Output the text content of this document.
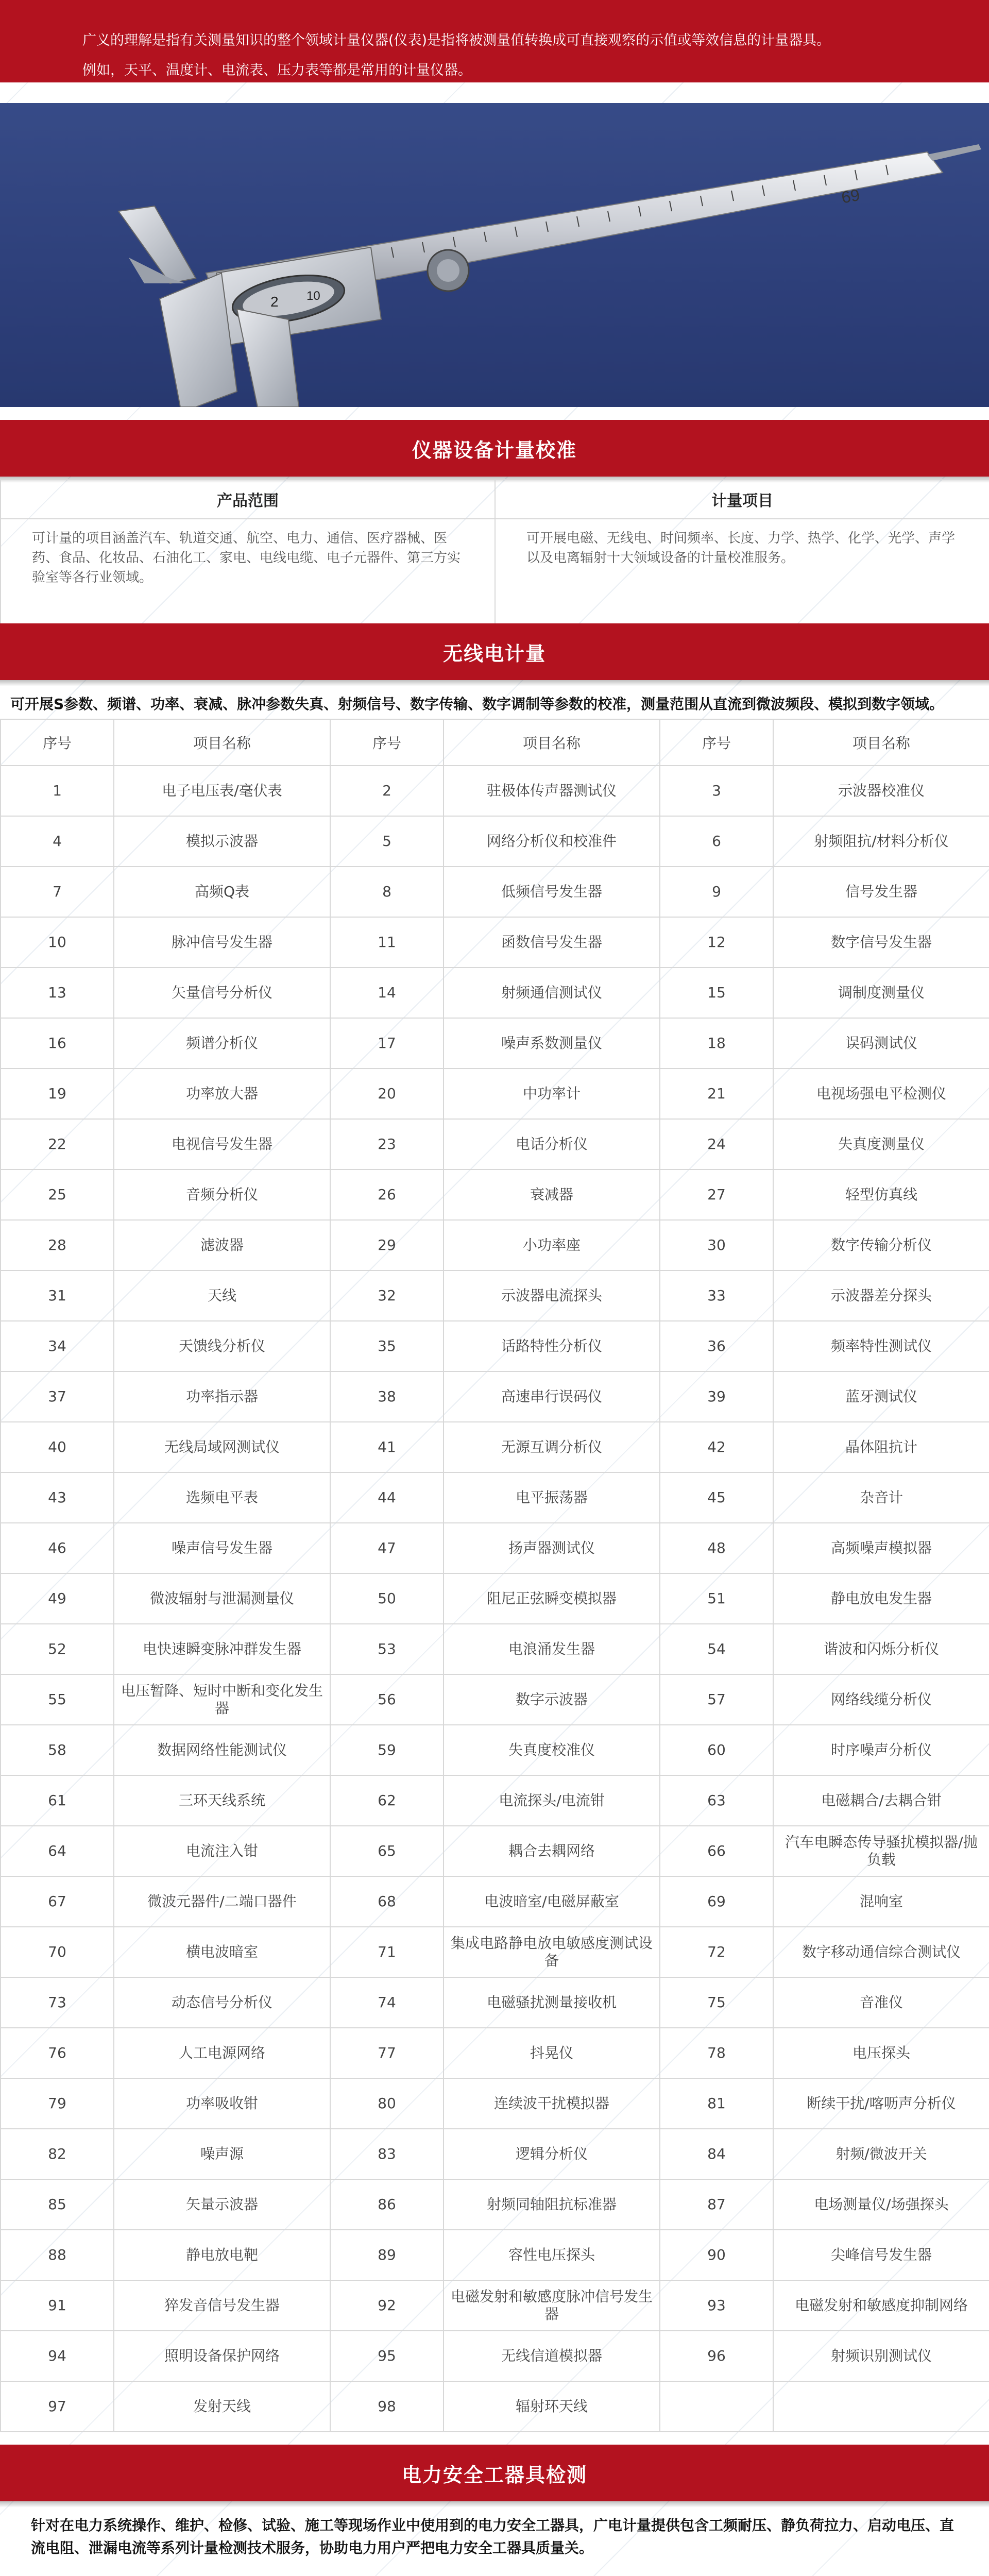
广义的理解是指有关测量知识的整个领域计量仪器(仪表)是指将被测量值转换成可直接观察的示值或等效信息的计量器具。

例如，天平、温度计、电流表、压力表等都是常用的计量仪器。

69
2 10
仪器设备计量校准
产品范围	计量项目
可计量的项目涵盖汽车、轨道交通、航空、电力、通信、医疗器械、医药、食品、化妆品、石油化工、家电、电线电缆、电子元器件、第三方实验室等各行业领域。	可开展电磁、无线电、时间频率、长度、力学、热学、化学、光学、声学以及电离辐射十大领域设备的计量校准服务。
无线电计量
可开展S参数、频谱、功率、衰减、脉冲参数失真、射频信号、数字传输、数字调制等参数的校准，测量范围从直流到微波频段、模拟到数字领域。
序号	项目名称	序号	项目名称	序号	项目名称
1	电子电压表/毫伏表	2	驻极体传声器测试仪	3	示波器校准仪
4	模拟示波器	5	网络分析仪和校准件	6	射频阻抗/材料分析仪
7	高频Q表	8	低频信号发生器	9	信号发生器
10	脉冲信号发生器	11	函数信号发生器	12	数字信号发生器
13	矢量信号分析仪	14	射频通信测试仪	15	调制度测量仪
16	频谱分析仪	17	噪声系数测量仪	18	误码测试仪
19	功率放大器	20	中功率计	21	电视场强电平检测仪
22	电视信号发生器	23	电话分析仪	24	失真度测量仪
25	音频分析仪	26	衰减器	27	轻型仿真线
28	滤波器	29	小功率座	30	数字传输分析仪
31	天线	32	示波器电流探头	33	示波器差分探头
34	天馈线分析仪	35	话路特性分析仪	36	频率特性测试仪
37	功率指示器	38	高速串行误码仪	39	蓝牙测试仪
40	无线局域网测试仪	41	无源互调分析仪	42	晶体阻抗计
43	选频电平表	44	电平振荡器	45	杂音计
46	噪声信号发生器	47	扬声器测试仪	48	高频噪声模拟器
49	微波辐射与泄漏测量仪	50	阻尼正弦瞬变模拟器	51	静电放电发生器
52	电快速瞬变脉冲群发生器	53	电浪涌发生器	54	谐波和闪烁分析仪
55	电压暂降、短时中断和变化发生器	56	数字示波器	57	网络线缆分析仪
58	数据网络性能测试仪	59	失真度校准仪	60	时序噪声分析仪
61	三环天线系统	62	电流探头/电流钳	63	电磁耦合/去耦合钳
64	电流注入钳	65	耦合去耦网络	66	汽车电瞬态传导骚扰模拟器/抛负载
67	微波元器件/二端口器件	68	电波暗室/电磁屏蔽室	69	混响室
70	横电波暗室	71	集成电路静电放电敏感度测试设备	72	数字移动通信综合测试仪
73	动态信号分析仪	74	电磁骚扰测量接收机	75	音准仪
76	人工电源网络	77	抖晃仪	78	电压探头
79	功率吸收钳	80	连续波干扰模拟器	81	断续干扰/喀呖声分析仪
82	噪声源	83	逻辑分析仪	84	射频/微波开关
85	矢量示波器	86	射频同轴阻抗标准器	87	电场测量仪/场强探头
88	静电放电靶	89	容性电压探头	90	尖峰信号发生器
91	猝发音信号发生器	92	电磁发射和敏感度脉冲信号发生器	93	电磁发射和敏感度抑制网络
94	照明设备保护网络	95	无线信道模拟器	96	射频识别测试仪
97	发射天线	98	辐射环天线		
电力安全工器具检测
针对在电力系统操作、维护、检修、试验、施工等现场作业中使用到的电力安全工器具，广电计量提供包含工频耐压、静负荷拉力、启动电压、直流电阻、泄漏电流等系列计量检测技术服务，协助电力用户严把电力安全工器具质量关。
